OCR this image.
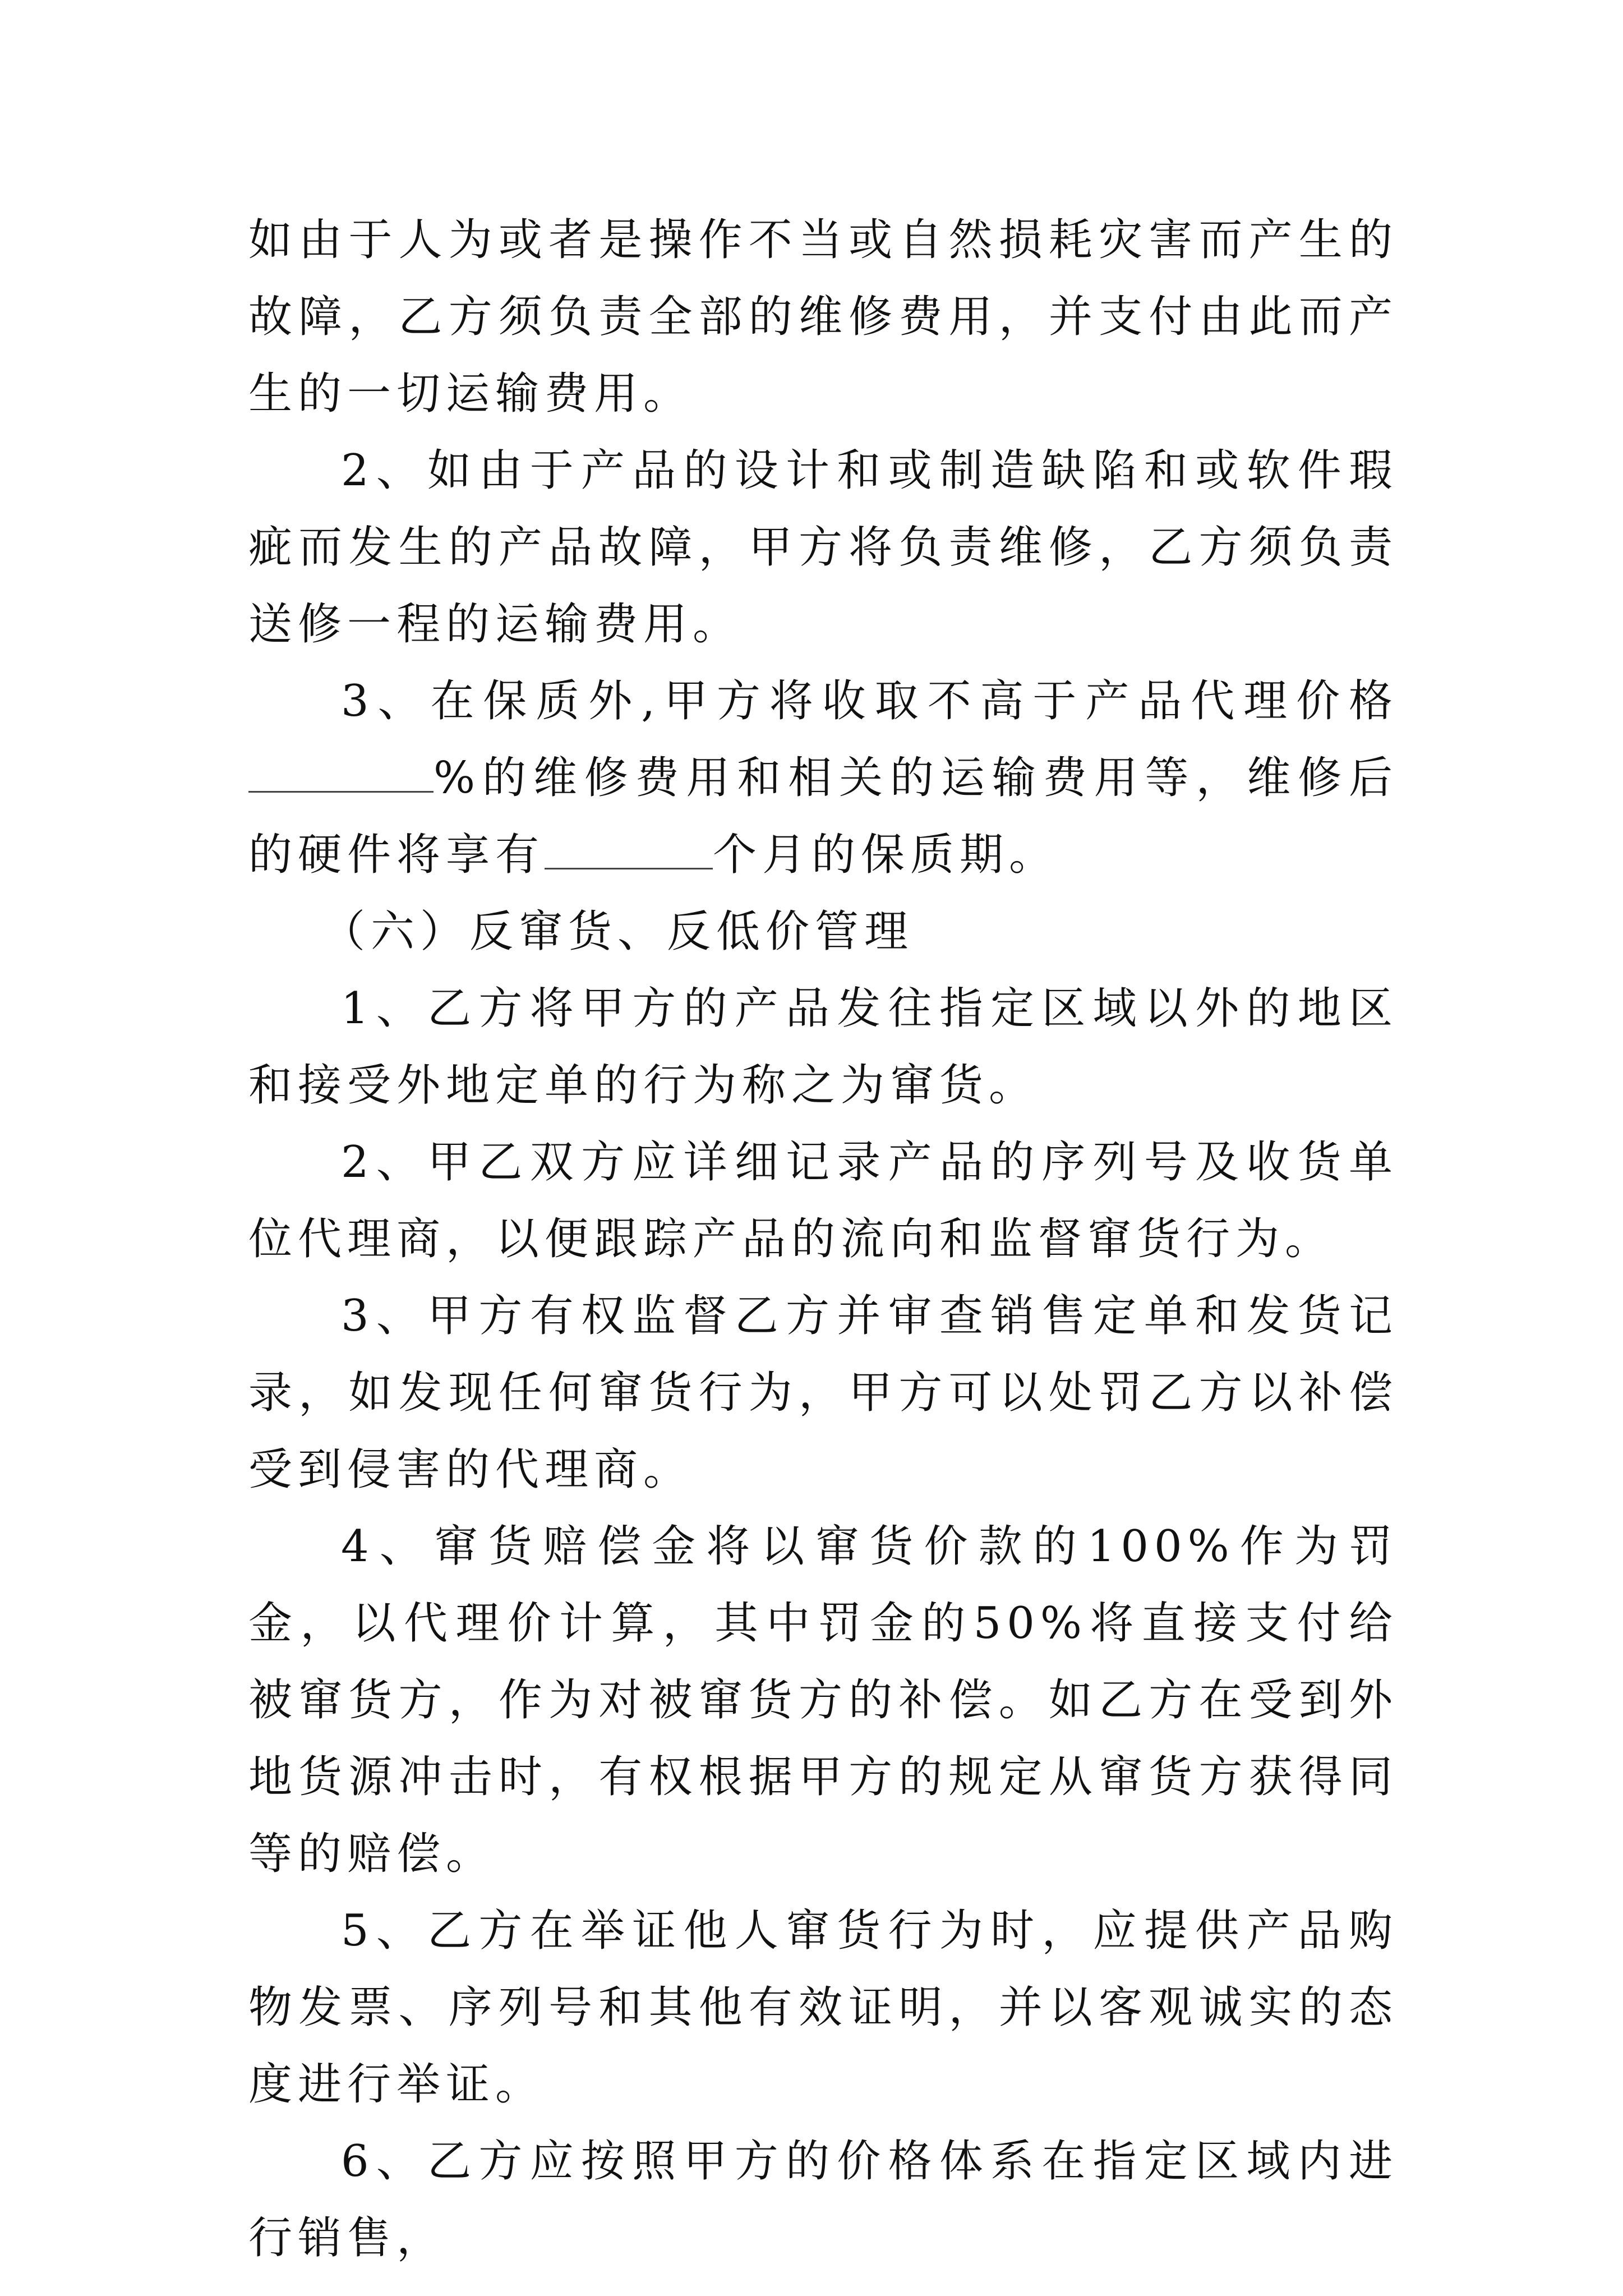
如由于人为或者是操作不当或自然损耗灾害而产生的故障，乙方须负责全部的维修费用，并支付由此而产生的一切运输费用。

2、如由于产品的设计和或制造缺陷和或软件瑕疵而发生的产品故障，甲方将负责维修，乙方须负责送修一程的运输费用。

3、在保质外,甲方将收取不高于产品代理价格%的维修费用和相关的运输费用等，维修后的硬件将享有	个月的保质期。

（六）反窜货、反低价管理

1、乙方将甲方的产品发往指定区域以外的地区和接受外地定单的行为称之为窜货。

2、甲乙双方应详细记录产品的序列号及收货单位代理商，以便跟踪产品的流向和监督窜货行为。

3、甲方有权监督乙方并审查销售定单和发货记录，如发现任何窜货行为，甲方可以处罚乙方以补偿受到侵害的代理商。

4、窜货赔偿金将以窜货价款的100%作为罚金，以代理价计算，其中罚金的50%将直接支付给被窜货方，作为对被窜货方的补偿。如乙方在受到外地货源冲击时，有权根据甲方的规定从窜货方获得同等的赔偿。

5、乙方在举证他人窜货行为时，应提供产品购物发票、序列号和其他有效证明，并以客观诚实的态度进行举证。

6、乙方应按照甲方的价格体系在指定区域内进行销售，
